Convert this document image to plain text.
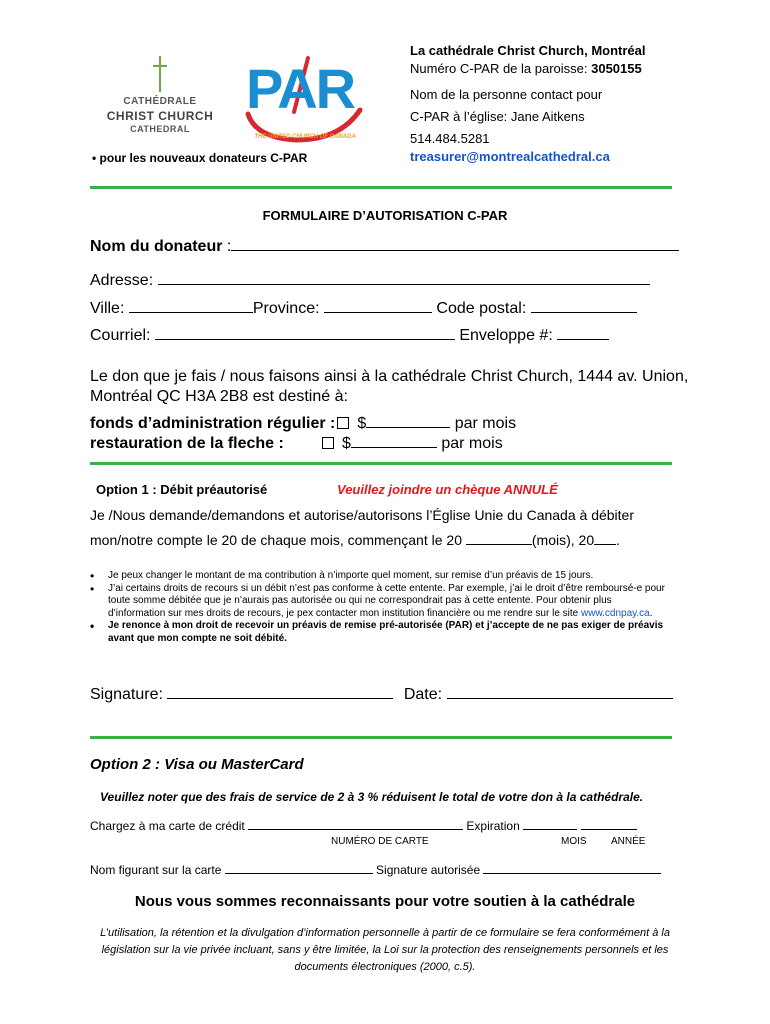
CATHÉDRALE
CHRIST CHURCH
CATHEDRAL
PAR
THE UNITED CHURCH OF CANADA
• pour les nouveaux donateurs C-PAR
La cathédrale Christ Church, Montréal
Numéro C-PAR de la paroisse: 3050155
Nom de la personne contact pour
C-PAR à l’église: Jane Aitkens
514.484.5281
treasurer@montrealcathedral.ca
FORMULAIRE D’AUTORISATION C-PAR
Nom du donateur :
Adresse:
Ville:	Province:	Code postal:
Courriel:	Enveloppe #:
Le don que je fais / nous faisons ainsi à la cathédrale Christ Church, 1444 av. Union,
Montréal QC H3A 2B8 est destiné à:
fonds d’administration régulier : $	par mois
restauration de la fleche :	$	par mois
Option 1 : Débit préautorisé	Veuillez joindre un chèque ANNULÉ
Je /Nous demande/demandons et autorise/autorisons l’Église Unie du Canada à débiter
mon/notre compte le 20 de chaque mois, commençant le 20	(mois), 20 .
• Je peux changer le montant de ma contribution à n’importe quel moment, sur remise d’un préavis de 15 jours.
• J’ai certains droits de recours si un débit n’est pas conforme à cette entente. Par exemple, j’ai le droit d’être remboursé-e pour toute somme débitée que je n’aurais pas autorisée ou qui ne correspondrait pas à cette entente. Pour obtenir plus d’information sur mes droits de recours, je pex contacter mon institution financière ou me rendre sur le site www.cdnpay.ca.
• Je renonce à mon droit de recevoir un préavis de remise pré-autorisée (PAR) et j’accepte de ne pas exiger de préavis avant que mon compte ne soit débité.
Signature:	Date:
Option 2 : Visa ou MasterCard
Veuillez noter que des frais de service de 2 à 3 % réduisent le total de votre don à la cathédrale.
Chargez à ma carte de crédit	Expiration
NUMÉRO DE CARTE	MOIS ANNÉE
Nom figurant sur la carte	Signature autorisée
Nous vous sommes reconnaissants pour votre soutien à la cathédrale
L’utilisation, la rétention et la divulgation d’information personnelle à partir de ce formulaire se fera conformément à la législation sur la vie privée incluant, sans y être limitée, la Loi sur la protection des renseignements personnels et les documents électroniques (2000, c.5).
